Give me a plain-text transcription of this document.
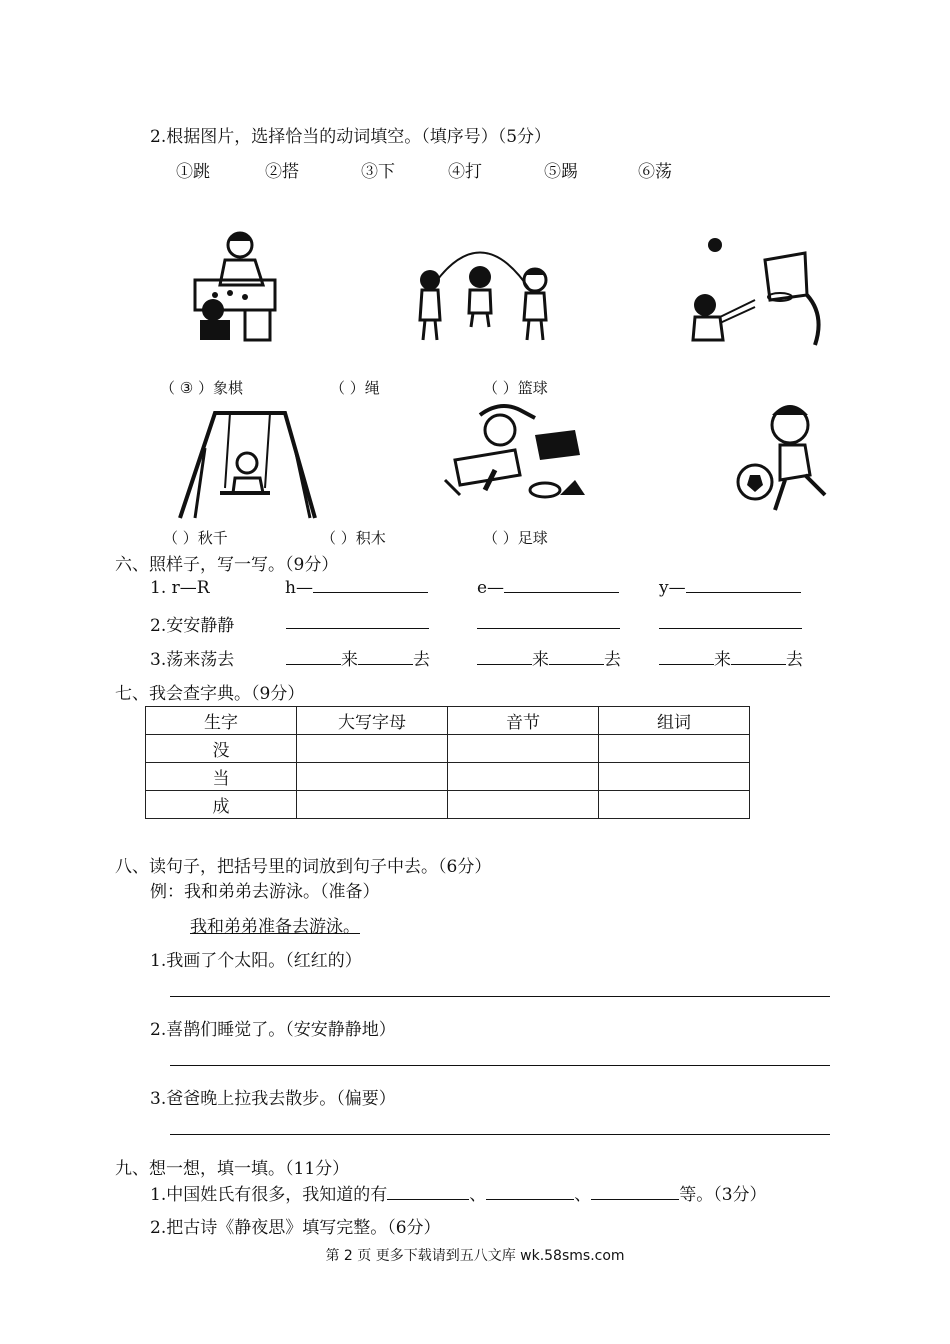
2.根据图片，选择恰当的动词填空。（填序号）（5分）
①跳	②搭	③下	④打	⑤踢	⑥荡
（ ③ ）象棋	（ ）绳	（ ）篮球
（ ）秋千	（ ）积木	（ ）足球
六、照样子，写一写。（9分）
1. r—R	h—	e—	y—
2.安安静静
3.荡来荡去	来	去	来	去	来	去
七、我会查字典。（9分）
生字	大写字母	音节	组词
没			
当			
成			
八、读句子，把括号里的词放到句子中去。（6分）
例：我和弟弟去游泳。（准备）
我和弟弟准备去游泳。
1.我画了个太阳。（红红的）
2.喜鹊们睡觉了。（安安静静地）
3.爸爸晚上拉我去散步。（偏要）
九、想一想，填一填。（11分）
1.中国姓氏有很多，我知道的有	、	、	等。（3分）
2.把古诗《静夜思》填写完整。（6分）
第 2 页 更多下载请到五八文库 wk.58sms.com
